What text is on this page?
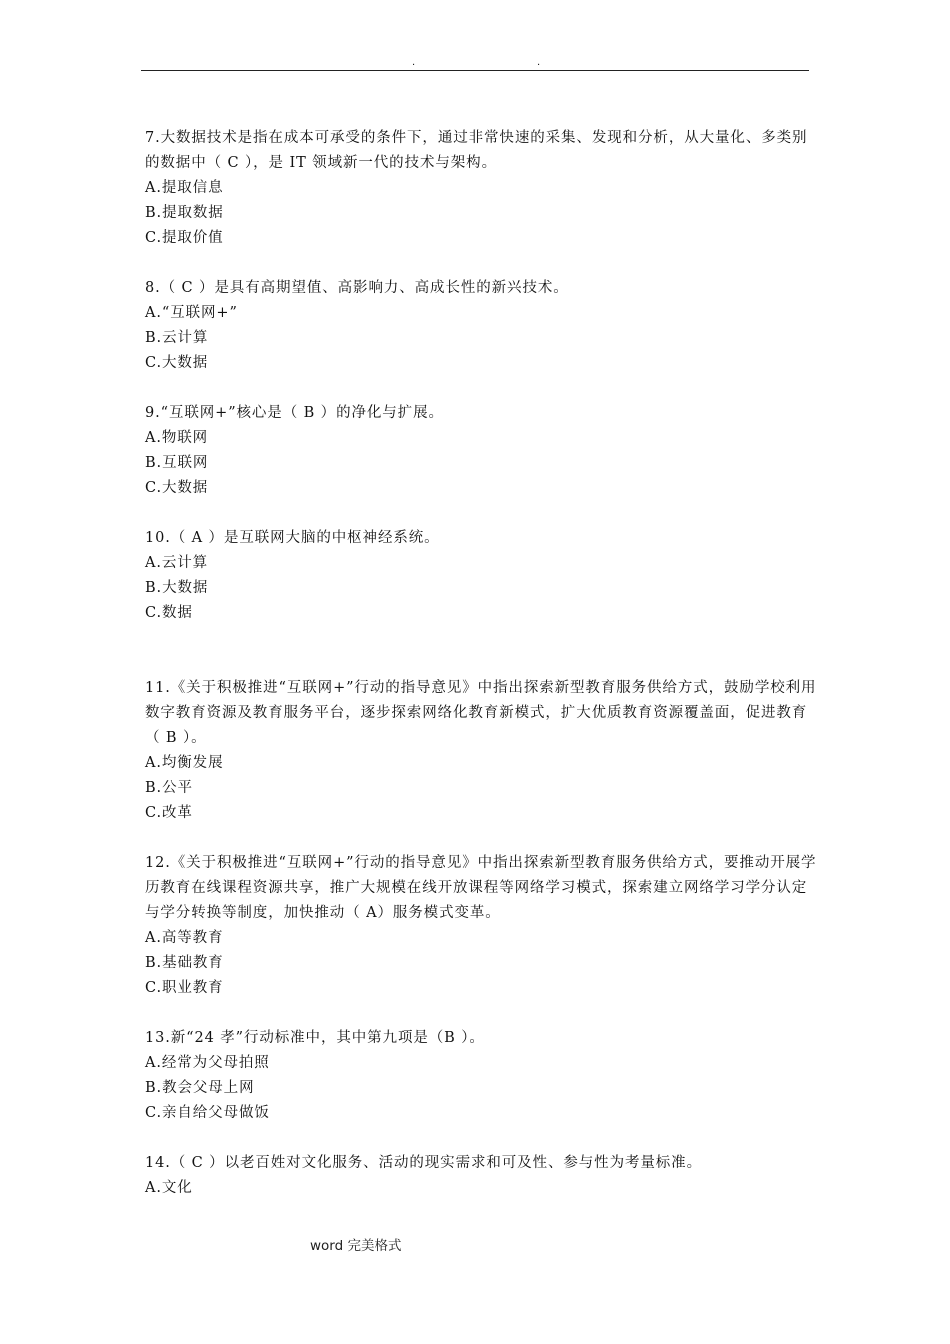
.	.

7.大数据技术是指在成本可承受的条件下，通过非常快速的采集、发现和分析，从大量化、多类别的数据中（ C ），是 IT 领域新一代的技术与架构。

A.提取信息

B.提取数据

C.提取价值

8.（ C ）是具有高期望值、高影响力、高成长性的新兴技术。

A.“互联网+”

B.云计算

C.大数据

9.“互联网+”核心是（ B ）的净化与扩展。

A.物联网

B.互联网

C.大数据

10.（ A ）是互联网大脑的中枢神经系统。

A.云计算

B.大数据

C.数据

11.《关于积极推进“互联网+”行动的指导意见》中指出探索新型教育服务供给方式，鼓励学校利用数字教育资源及教育服务平台，逐步探索网络化教育新模式，扩大优质教育资源覆盖面，促进教育（ B ）。

A.均衡发展

B.公平

C.改革

12.《关于积极推进“互联网+”行动的指导意见》中指出探索新型教育服务供给方式，要推动开展学历教育在线课程资源共享，推广大规模在线开放课程等网络学习模式，探索建立网络学习学分认定与学分转换等制度，加快推动（ A）服务模式变革。

A.高等教育

B.基础教育

C.职业教育

13.新“24 孝”行动标准中，其中第九项是（B ）。

A.经常为父母拍照

B.教会父母上网

C.亲自给父母做饭

14.（ C ）以老百姓对文化服务、活动的现实需求和可及性、参与性为考量标准。

A.文化

word 完美格式
